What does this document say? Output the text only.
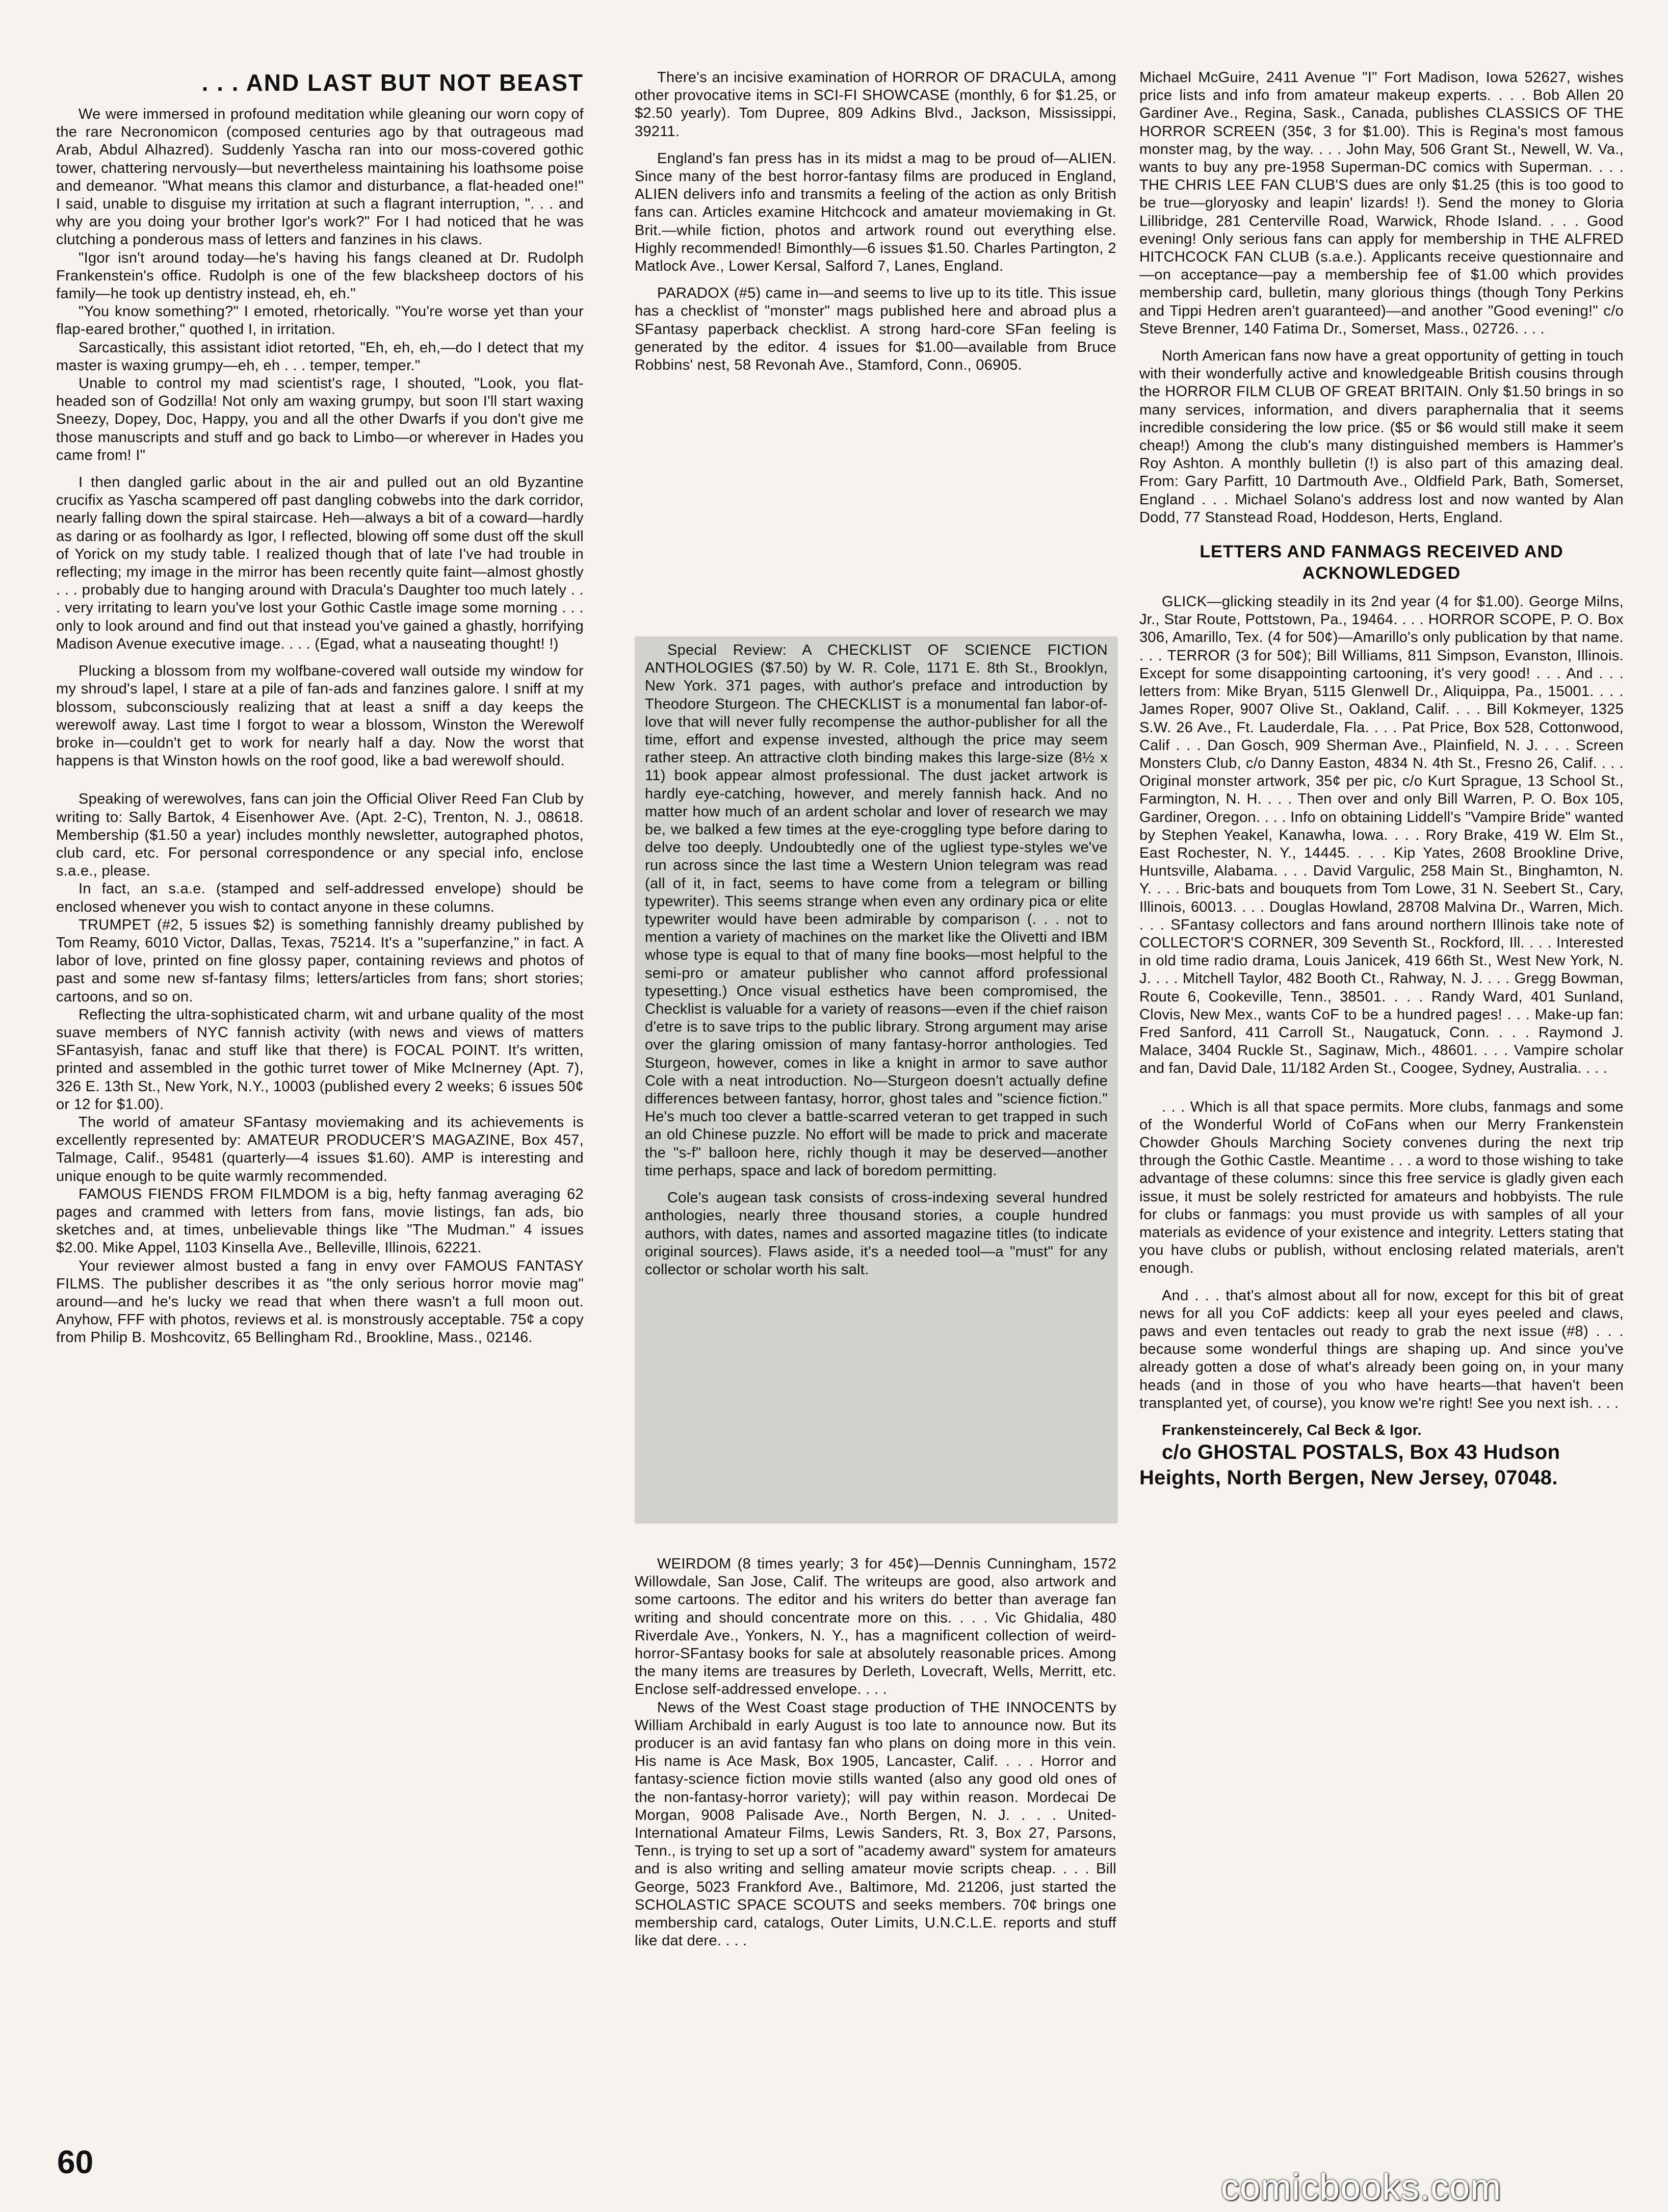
. . . AND LAST BUT NOT BEAST

We were immersed in profound meditation while gleaning our worn copy of the rare Necronomicon (composed centuries ago by that outrageous mad Arab, Abdul Alhazred). Suddenly Yascha ran into our moss-covered gothic tower, chattering nervously—but nevertheless maintaining his loathsome poise and demeanor. "What means this clamor and disturbance, a flat-headed one!" I said, unable to disguise my irritation at such a flagrant interruption, ". . . and why are you doing your brother Igor's work?" For I had noticed that he was clutching a ponderous mass of letters and fanzines in his claws.

"Igor isn't around today—he's having his fangs cleaned at Dr. Rudolph Frankenstein's office. Rudolph is one of the few blacksheep doctors of his family—he took up dentistry instead, eh, eh."

"You know something?" I emoted, rhetorically. "You're worse yet than your flap-eared brother," quothed I, in irritation.

Sarcastically, this assistant idiot retorted, "Eh, eh, eh,—do I detect that my master is waxing grumpy—eh, eh . . . temper, temper."

Unable to control my mad scientist's rage, I shouted, "Look, you flat-headed son of Godzilla! Not only am waxing grumpy, but soon I'll start waxing Sneezy, Dopey, Doc, Happy, you and all the other Dwarfs if you don't give me those manuscripts and stuff and go back to Limbo—or wherever in Hades you came from! I"

I then dangled garlic about in the air and pulled out an old Byzantine crucifix as Yascha scampered off past dangling cobwebs into the dark corridor, nearly falling down the spiral staircase. Heh—always a bit of a coward—hardly as daring or as foolhardy as Igor, I reflected, blowing off some dust off the skull of Yorick on my study table. I realized though that of late I've had trouble in reflecting; my image in the mirror has been recently quite faint—almost ghostly . . . probably due to hanging around with Dracula's Daughter too much lately . . . very irritating to learn you've lost your Gothic Castle image some morning . . . only to look around and find out that instead you've gained a ghastly, horrifying Madison Avenue executive image. . . . (Egad, what a nauseating thought! !)

Plucking a blossom from my wolfbane-covered wall outside my window for my shroud's lapel, I stare at a pile of fan-ads and fanzines galore. I sniff at my blossom, subconsciously realizing that at least a sniff a day keeps the werewolf away. Last time I forgot to wear a blossom, Winston the Werewolf broke in—couldn't get to work for nearly half a day. Now the worst that happens is that Winston howls on the roof good, like a bad werewolf should.

Speaking of werewolves, fans can join the Official Oliver Reed Fan Club by writing to: Sally Bartok, 4 Eisenhower Ave. (Apt. 2-C), Trenton, N. J., 08618. Membership ($1.50 a year) includes monthly newsletter, autographed photos, club card, etc. For personal correspondence or any special info, enclose s.a.e., please.

In fact, an s.a.e. (stamped and self-addressed envelope) should be enclosed whenever you wish to contact anyone in these columns.

TRUMPET (#2, 5 issues $2) is something fannishly dreamy published by Tom Reamy, 6010 Victor, Dallas, Texas, 75214. It's a "superfanzine," in fact. A labor of love, printed on fine glossy paper, containing reviews and photos of past and some new sf-fantasy films; letters/articles from fans; short stories; cartoons, and so on.

Reflecting the ultra-sophisticated charm, wit and urbane quality of the most suave members of NYC fannish activity (with news and views of matters SFantasyish, fanac and stuff like that there) is FOCAL POINT. It's written, printed and assembled in the gothic turret tower of Mike McInerney (Apt. 7), 326 E. 13th St., New York, N.Y., 10003 (published every 2 weeks; 6 issues 50¢ or 12 for $1.00).

The world of amateur SFantasy moviemaking and its achievements is excellently represented by: AMATEUR PRODUCER'S MAGAZINE, Box 457, Talmage, Calif., 95481 (quarterly—4 issues $1.60). AMP is interesting and unique enough to be quite warmly recommended.

FAMOUS FIENDS FROM FILMDOM is a big, hefty fanmag averaging 62 pages and crammed with letters from fans, movie listings, fan ads, bio sketches and, at times, unbelievable things like "The Mudman." 4 issues $2.00. Mike Appel, 1103 Kinsella Ave., Belleville, Illinois, 62221.

Your reviewer almost busted a fang in envy over FAMOUS FANTASY FILMS. The publisher describes it as "the only serious horror movie mag" around—and he's lucky we read that when there wasn't a full moon out. Anyhow, FFF with photos, reviews et al. is monstrously acceptable. 75¢ a copy from Philip B. Moshcovitz, 65 Bellingham Rd., Brookline, Mass., 02146.

60

There's an incisive examination of HORROR OF DRACULA, among other provocative items in SCI-FI SHOWCASE (monthly, 6 for $1.25, or $2.50 yearly). Tom Dupree, 809 Adkins Blvd., Jackson, Mississippi, 39211.

England's fan press has in its midst a mag to be proud of—ALIEN. Since many of the best horror-fantasy films are produced in England, ALIEN delivers info and transmits a feeling of the action as only British fans can. Articles examine Hitchcock and amateur moviemaking in Gt. Brit.—while fiction, photos and artwork round out everything else. Highly recommended! Bimonthly—6 issues $1.50. Charles Partington, 2 Matlock Ave., Lower Kersal, Salford 7, Lanes, England.

PARADOX (#5) came in—and seems to live up to its title. This issue has a checklist of "monster" mags published here and abroad plus a SFantasy paperback checklist. A strong hard-core SFan feeling is generated by the editor. 4 issues for $1.00—available from Bruce Robbins' nest, 58 Revonah Ave., Stamford, Conn., 06905.

Special Review: A CHECKLIST OF SCIENCE FICTION ANTHOLOGIES ($7.50) by W. R. Cole, 1171 E. 8th St., Brooklyn, New York. 371 pages, with author's preface and introduction by Theodore Sturgeon. The CHECKLIST is a monumental fan labor-of-love that will never fully recompense the author-publisher for all the time, effort and expense invested, although the price may seem rather steep. An attractive cloth binding makes this large-size (8½ x 11) book appear almost professional. The dust jacket artwork is hardly eye-catching, however, and merely fannish hack. And no matter how much of an ardent scholar and lover of research we may be, we balked a few times at the eye-croggling type before daring to delve too deeply. Undoubtedly one of the ugliest type-styles we've run across since the last time a Western Union telegram was read (all of it, in fact, seems to have come from a telegram or billing typewriter). This seems strange when even any ordinary pica or elite typewriter would have been admirable by comparison (. . . not to mention a variety of machines on the market like the Olivetti and IBM whose type is equal to that of many fine books—most helpful to the semi-pro or amateur publisher who cannot afford professional typesetting.) Once visual esthetics have been compromised, the Checklist is valuable for a variety of reasons—even if the chief raison d'etre is to save trips to the public library. Strong argument may arise over the glaring omission of many fantasy-horror anthologies. Ted Sturgeon, however, comes in like a knight in armor to save author Cole with a neat introduction. No—Sturgeon doesn't actually define differences between fantasy, horror, ghost tales and "science fiction." He's much too clever a battle-scarred veteran to get trapped in such an old Chinese puzzle. No effort will be made to prick and macerate the "s-f" balloon here, richly though it may be deserved—another time perhaps, space and lack of boredom permitting.

Cole's augean task consists of cross-indexing several hundred anthologies, nearly three thousand stories, a couple hundred authors, with dates, names and assorted magazine titles (to indicate original sources). Flaws aside, it's a needed tool—a "must" for any collector or scholar worth his salt.

WEIRDOM (8 times yearly; 3 for 45¢)—Dennis Cunningham, 1572 Willowdale, San Jose, Calif. The writeups are good, also artwork and some cartoons. The editor and his writers do better than average fan writing and should concentrate more on this. . . . Vic Ghidalia, 480 Riverdale Ave., Yonkers, N. Y., has a magnificent collection of weird-horror-SFantasy books for sale at absolutely reasonable prices. Among the many items are treasures by Derleth, Lovecraft, Wells, Merritt, etc. Enclose self-addressed envelope. . . .

News of the West Coast stage production of THE INNOCENTS by William Archibald in early August is too late to announce now. But its producer is an avid fantasy fan who plans on doing more in this vein. His name is Ace Mask, Box 1905, Lancaster, Calif. . . . Horror and fantasy-science fiction movie stills wanted (also any good old ones of the non-fantasy-horror variety); will pay within reason. Mordecai De Morgan, 9008 Palisade Ave., North Bergen, N. J. . . . United-International Amateur Films, Lewis Sanders, Rt. 3, Box 27, Parsons, Tenn., is trying to set up a sort of "academy award" system for amateurs and is also writing and selling amateur movie scripts cheap. . . . Bill George, 5023 Frankford Ave., Baltimore, Md. 21206, just started the SCHOLASTIC SPACE SCOUTS and seeks members. 70¢ brings one membership card, catalogs, Outer Limits, U.N.C.L.E. reports and stuff like dat dere. . . .

Michael McGuire, 2411 Avenue "I" Fort Madison, Iowa 52627, wishes price lists and info from amateur makeup experts. . . . Bob Allen 20 Gardiner Ave., Regina, Sask., Canada, publishes CLASSICS OF THE HORROR SCREEN (35¢, 3 for $1.00). This is Regina's most famous monster mag, by the way. . . . John May, 506 Grant St., Newell, W. Va., wants to buy any pre-1958 Superman-DC comics with Superman. . . . THE CHRIS LEE FAN CLUB'S dues are only $1.25 (this is too good to be true—gloryosky and leapin' lizards! !). Send the money to Gloria Lillibridge, 281 Centerville Road, Warwick, Rhode Island. . . . Good evening! Only serious fans can apply for membership in THE ALFRED HITCHCOCK FAN CLUB (s.a.e.). Applicants receive questionnaire and—on acceptance—pay a membership fee of $1.00 which provides membership card, bulletin, many glorious things (though Tony Perkins and Tippi Hedren aren't guaranteed)—and another "Good evening!" c/o Steve Brenner, 140 Fatima Dr., Somerset, Mass., 02726. . . .

North American fans now have a great opportunity of getting in touch with their wonderfully active and knowledgeable British cousins through the HORROR FILM CLUB OF GREAT BRITAIN. Only $1.50 brings in so many services, information, and divers paraphernalia that it seems incredible considering the low price. ($5 or $6 would still make it seem cheap!) Among the club's many distinguished members is Hammer's Roy Ashton. A monthly bulletin (!) is also part of this amazing deal. From: Gary Parfitt, 10 Dartmouth Ave., Oldfield Park, Bath, Somerset, England . . . Michael Solano's address lost and now wanted by Alan Dodd, 77 Stanstead Road, Hoddeson, Herts, England.

LETTERS AND FANMAGS RECEIVED AND ACKNOWLEDGED

GLICK—glicking steadily in its 2nd year (4 for $1.00). George Milns, Jr., Star Route, Pottstown, Pa., 19464. . . . HORROR SCOPE, P. O. Box 306, Amarillo, Tex. (4 for 50¢)—Amarillo's only publication by that name. . . . TERROR (3 for 50¢); Bill Williams, 811 Simpson, Evanston, Illinois. Except for some disappointing cartooning, it's very good! . . . And . . . letters from: Mike Bryan, 5115 Glenwell Dr., Aliquippa, Pa., 15001. . . . James Roper, 9007 Olive St., Oakland, Calif. . . . Bill Kokmeyer, 1325 S.W. 26 Ave., Ft. Lauderdale, Fla. . . . Pat Price, Box 528, Cottonwood, Calif . . . Dan Gosch, 909 Sherman Ave., Plainfield, N. J. . . . Screen Monsters Club, c/o Danny Easton, 4834 N. 4th St., Fresno 26, Calif. . . . Original monster artwork, 35¢ per pic, c/o Kurt Sprague, 13 School St., Farmington, N. H. . . . Then over and only Bill Warren, P. O. Box 105, Gardiner, Oregon. . . . Info on obtaining Liddell's "Vampire Bride" wanted by Stephen Yeakel, Kanawha, Iowa. . . . Rory Brake, 419 W. Elm St., East Rochester, N. Y., 14445. . . . Kip Yates, 2608 Brookline Drive, Huntsville, Alabama. . . . David Vargulic, 258 Main St., Binghamton, N. Y. . . . Bric-bats and bouquets from Tom Lowe, 31 N. Seebert St., Cary, Illinois, 60013. . . . Douglas Howland, 28708 Malvina Dr., Warren, Mich. . . . SFantasy collectors and fans around northern Illinois take note of COLLECTOR'S CORNER, 309 Seventh St., Rockford, Ill. . . . Interested in old time radio drama, Louis Janicek, 419 66th St., West New York, N. J. . . . Mitchell Taylor, 482 Booth Ct., Rahway, N. J. . . . Gregg Bowman, Route 6, Cookeville, Tenn., 38501. . . . Randy Ward, 401 Sunland, Clovis, New Mex., wants CoF to be a hundred pages! . . . Make-up fan: Fred Sanford, 411 Carroll St., Naugatuck, Conn. . . . Raymond J. Malace, 3404 Ruckle St., Saginaw, Mich., 48601. . . . Vampire scholar and fan, David Dale, 11/182 Arden St., Coogee, Sydney, Australia. . . .

. . . Which is all that space permits. More clubs, fanmags and some of the Wonderful World of CoFans when our Merry Frankenstein Chowder Ghouls Marching Society convenes during the next trip through the Gothic Castle. Meantime . . . a word to those wishing to take advantage of these columns: since this free service is gladly given each issue, it must be solely restricted for amateurs and hobbyists. The rule for clubs or fanmags: you must provide us with samples of all your materials as evidence of your existence and integrity. Letters stating that you have clubs or publish, without enclosing related materials, aren't enough.

And . . . that's almost about all for now, except for this bit of great news for all you CoF addicts: keep all your eyes peeled and claws, paws and even tentacles out ready to grab the next issue (#8) . . . because some wonderful things are shaping up. And since you've already gotten a dose of what's already been going on, in your many heads (and in those of you who have hearts—that haven't been transplanted yet, of course), you know we're right! See you next ish. . . .

Frankensteincerely, Cal Beck & Igor.

c/o GHOSTAL POSTALS, Box 43 Hudson Heights, North Bergen, New Jersey, 07048.

comicbooks.com
